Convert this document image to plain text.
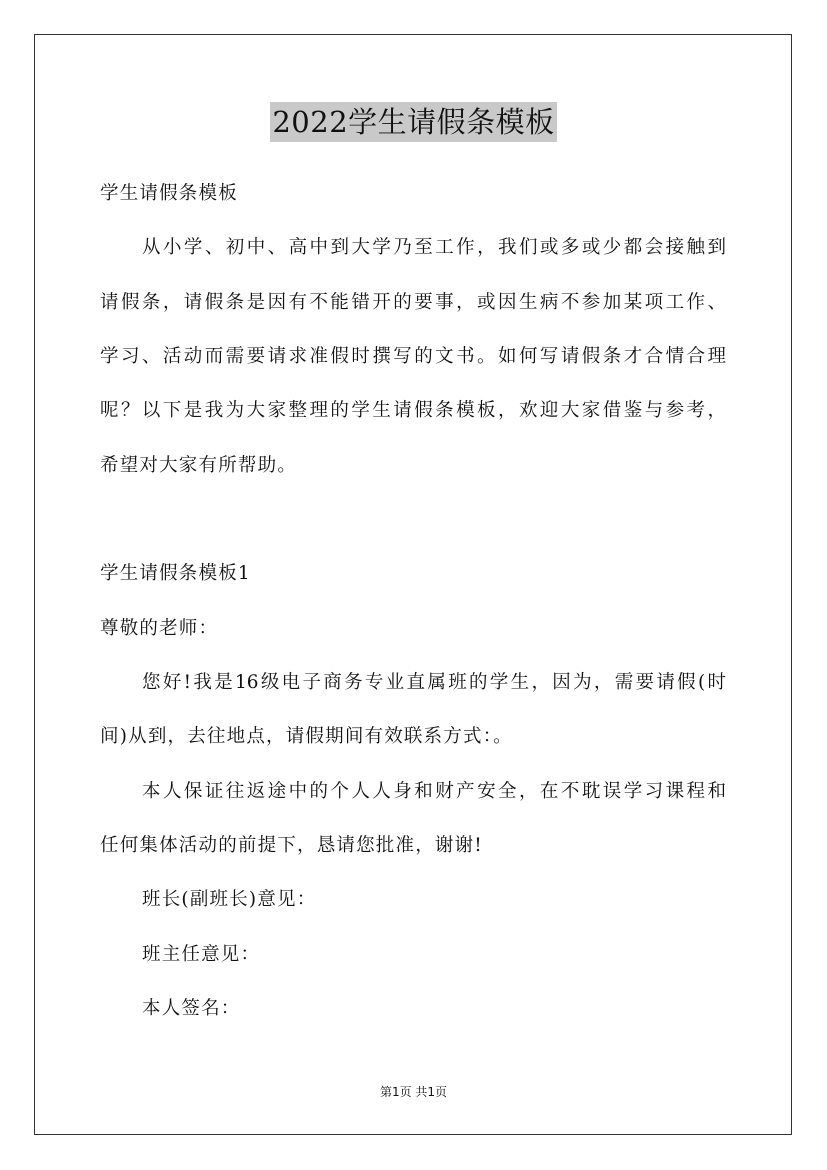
2022学生请假条模板
学生请假条模板
从小学、初中、高中到大学乃至工作，我们或多或少都会接触到
请假条，请假条是因有不能错开的要事，或因生病不参加某项工作、
学习、活动而需要请求准假时撰写的文书。如何写请假条才合情合理
呢？以下是我为大家整理的学生请假条模板，欢迎大家借鉴与参考，
希望对大家有所帮助。
学生请假条模板1
尊敬的老师：
您好!我是16级电子商务专业直属班的学生，因为，需要请假(时
间)从到，去往地点，请假期间有效联系方式：。
本人保证往返途中的个人人身和财产安全，在不耽误学习课程和
任何集体活动的前提下，恳请您批准，谢谢!
班长(副班长)意见：
班主任意见：
本人签名：
第1页 共1页
